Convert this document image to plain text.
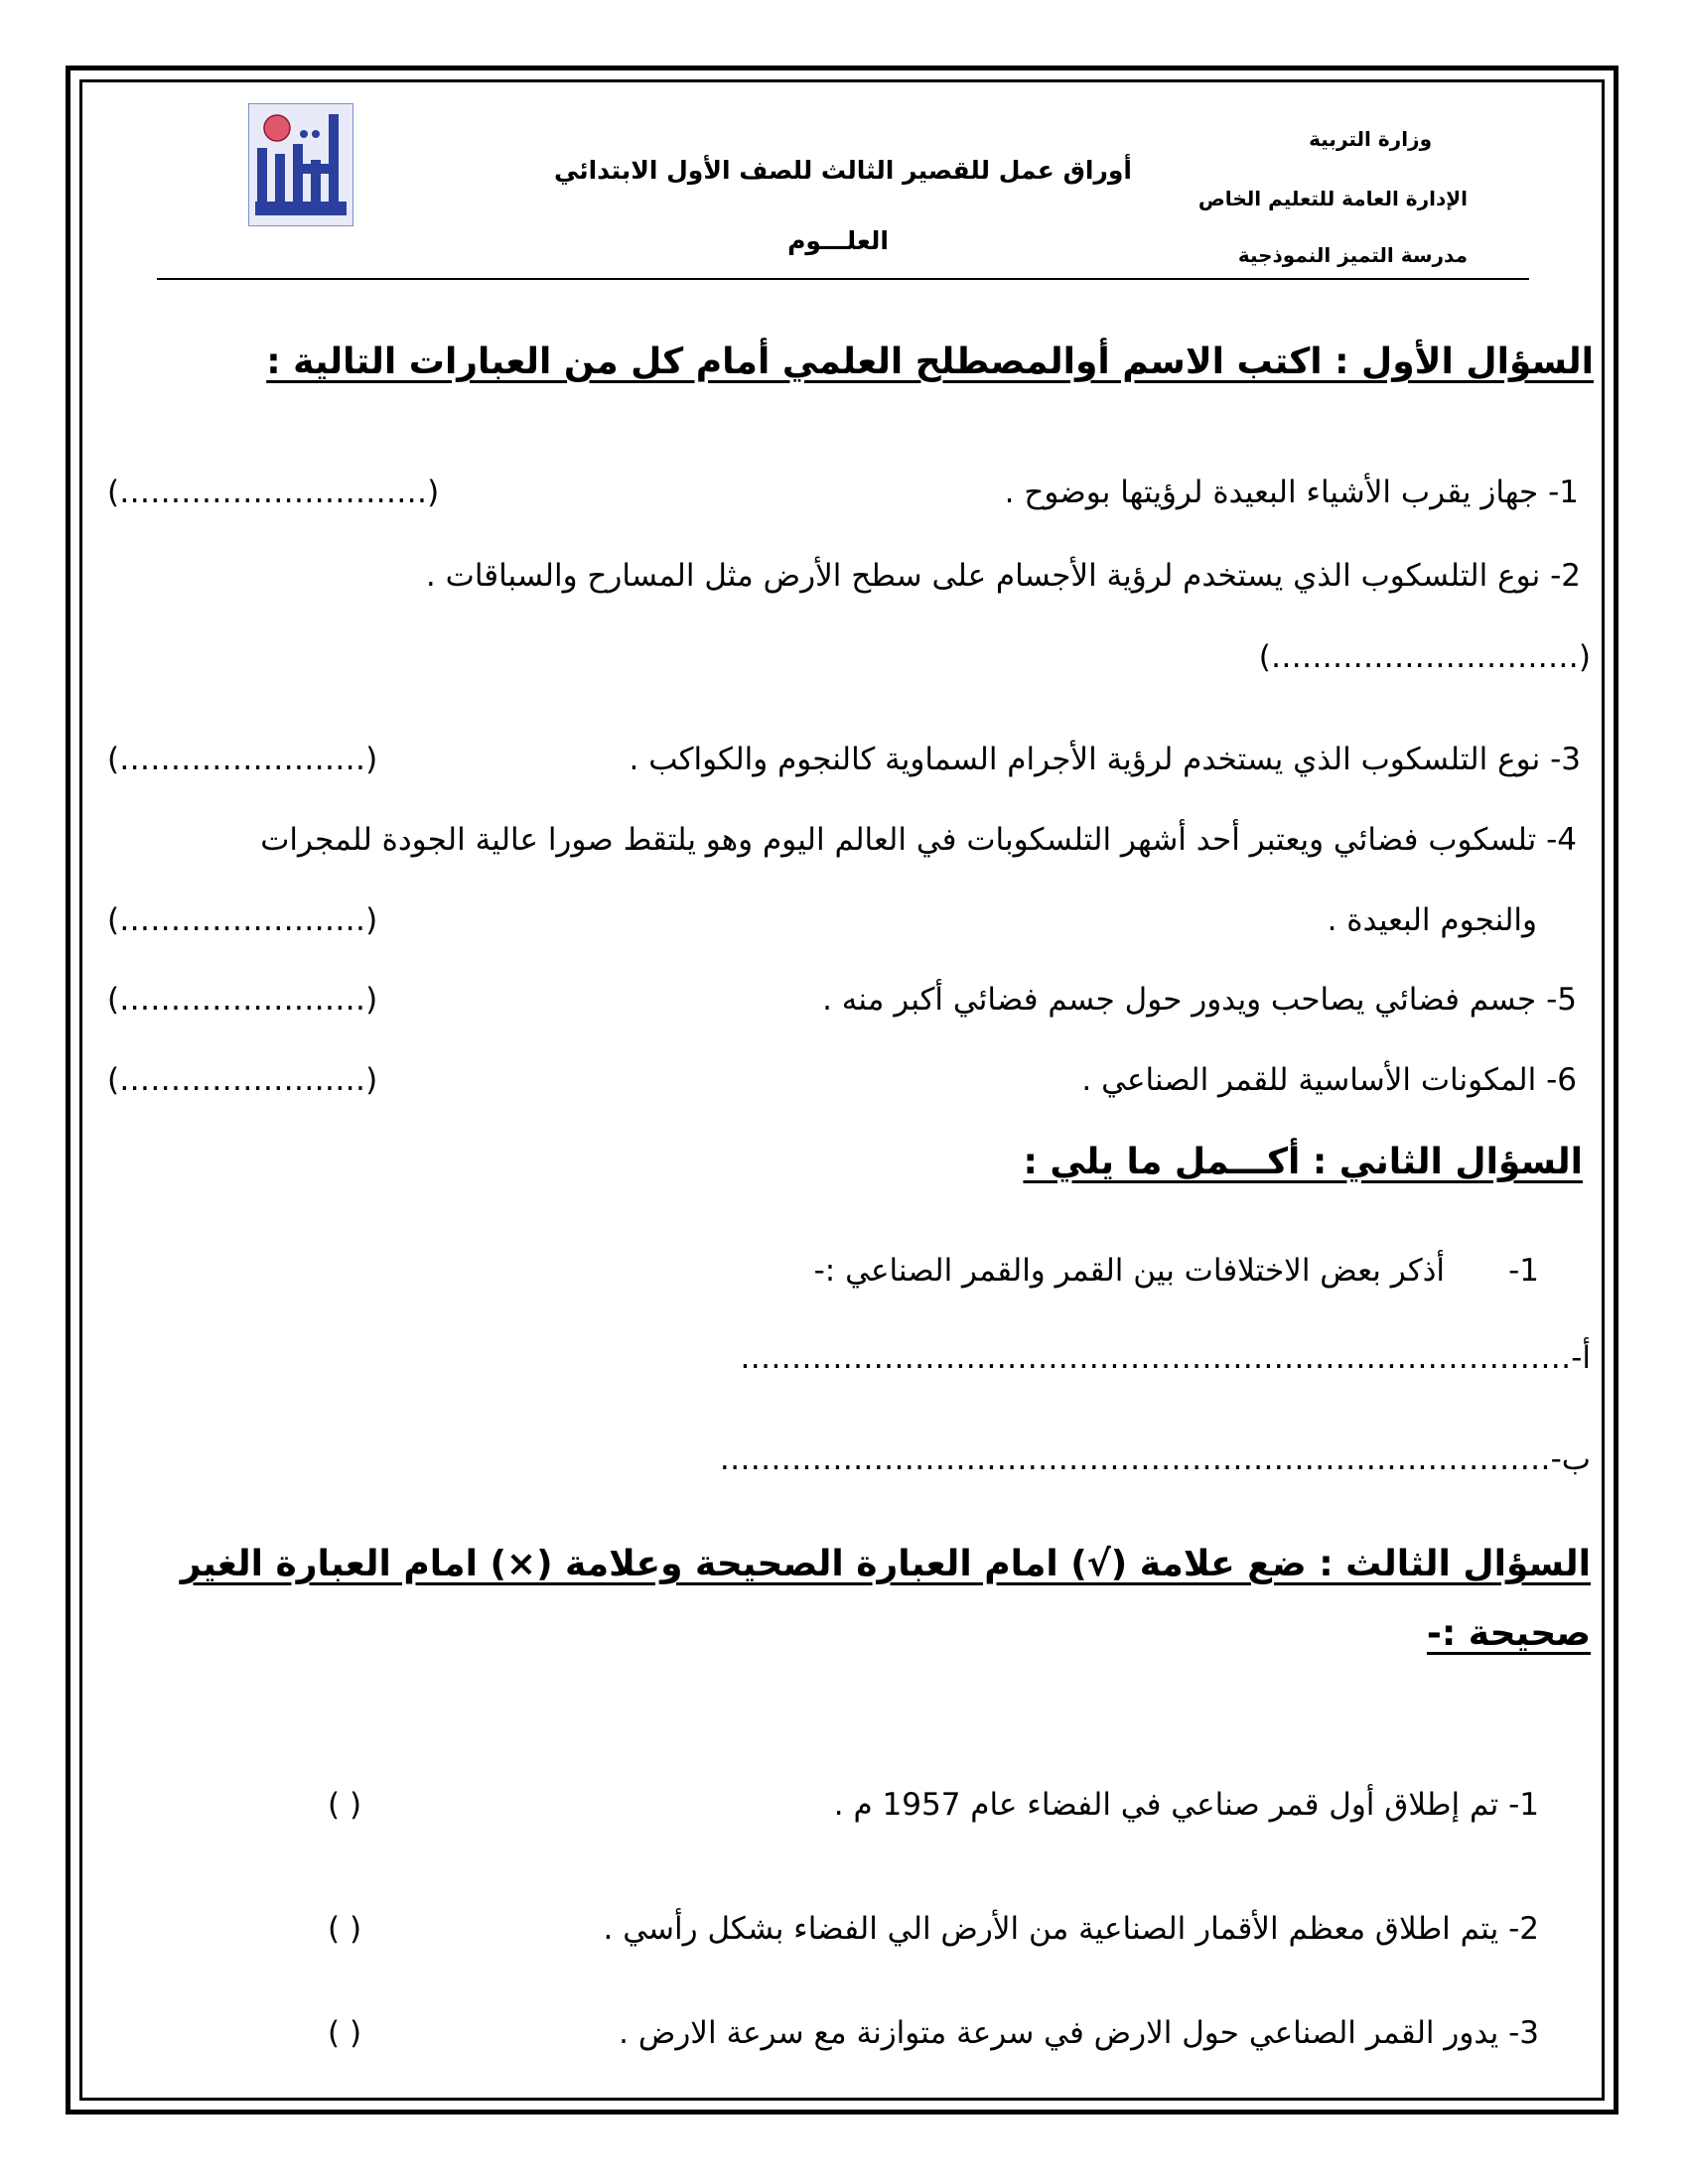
وزارة التربية
الإدارة العامة للتعليم الخاص
مدرسة التميز النموذجية
أوراق عمل للقصير الثالث للصف الأول الابتدائي
العلـــوم
السؤال الأول : اكتب الاسم أوالمصطلح العلمي أمام كل من العبارات التالية :
1- جهاز يقرب الأشياء البعيدة لرؤيتها بوضوح .
(…………………………)
2- نوع التلسكوب الذي يستخدم لرؤية الأجسام على سطح الأرض مثل المسارح والسباقات .
(…………………………)
3- نوع التلسكوب الذي يستخدم لرؤية الأجرام السماوية كالنجوم والكواكب .
(……………………)
4- تلسكوب فضائي ويعتبر أحد أشهر التلسكوبات في العالم اليوم وهو يلتقط صورا عالية الجودة للمجرات
والنجوم البعيدة .
(……………………)
5- جسم فضائي يصاحب ويدور حول جسم فضائي أكبر منه .
(……………………)
6- المكونات الأساسية للقمر الصناعي .
(……………………)
السؤال الثاني : أكـــمل ما يلي :
1-
أذكر بعض الاختلافات بين القمر والقمر الصناعي :-
أ-………………………………………………………………………
ب-………………………………………………………………………
السؤال الثالث : ضع علامة (√) امام العبارة الصحيحة وعلامة (×) امام العبارة الغير
صحيحة :-
1- تم إطلاق أول قمر صناعي في الفضاء عام 1957 م .
( )
2- يتم اطلاق معظم الأقمار الصناعية من الأرض الي الفضاء بشكل رأسي .
( )
3- يدور القمر الصناعي حول الارض في سرعة متوازنة مع سرعة الارض .
( )
